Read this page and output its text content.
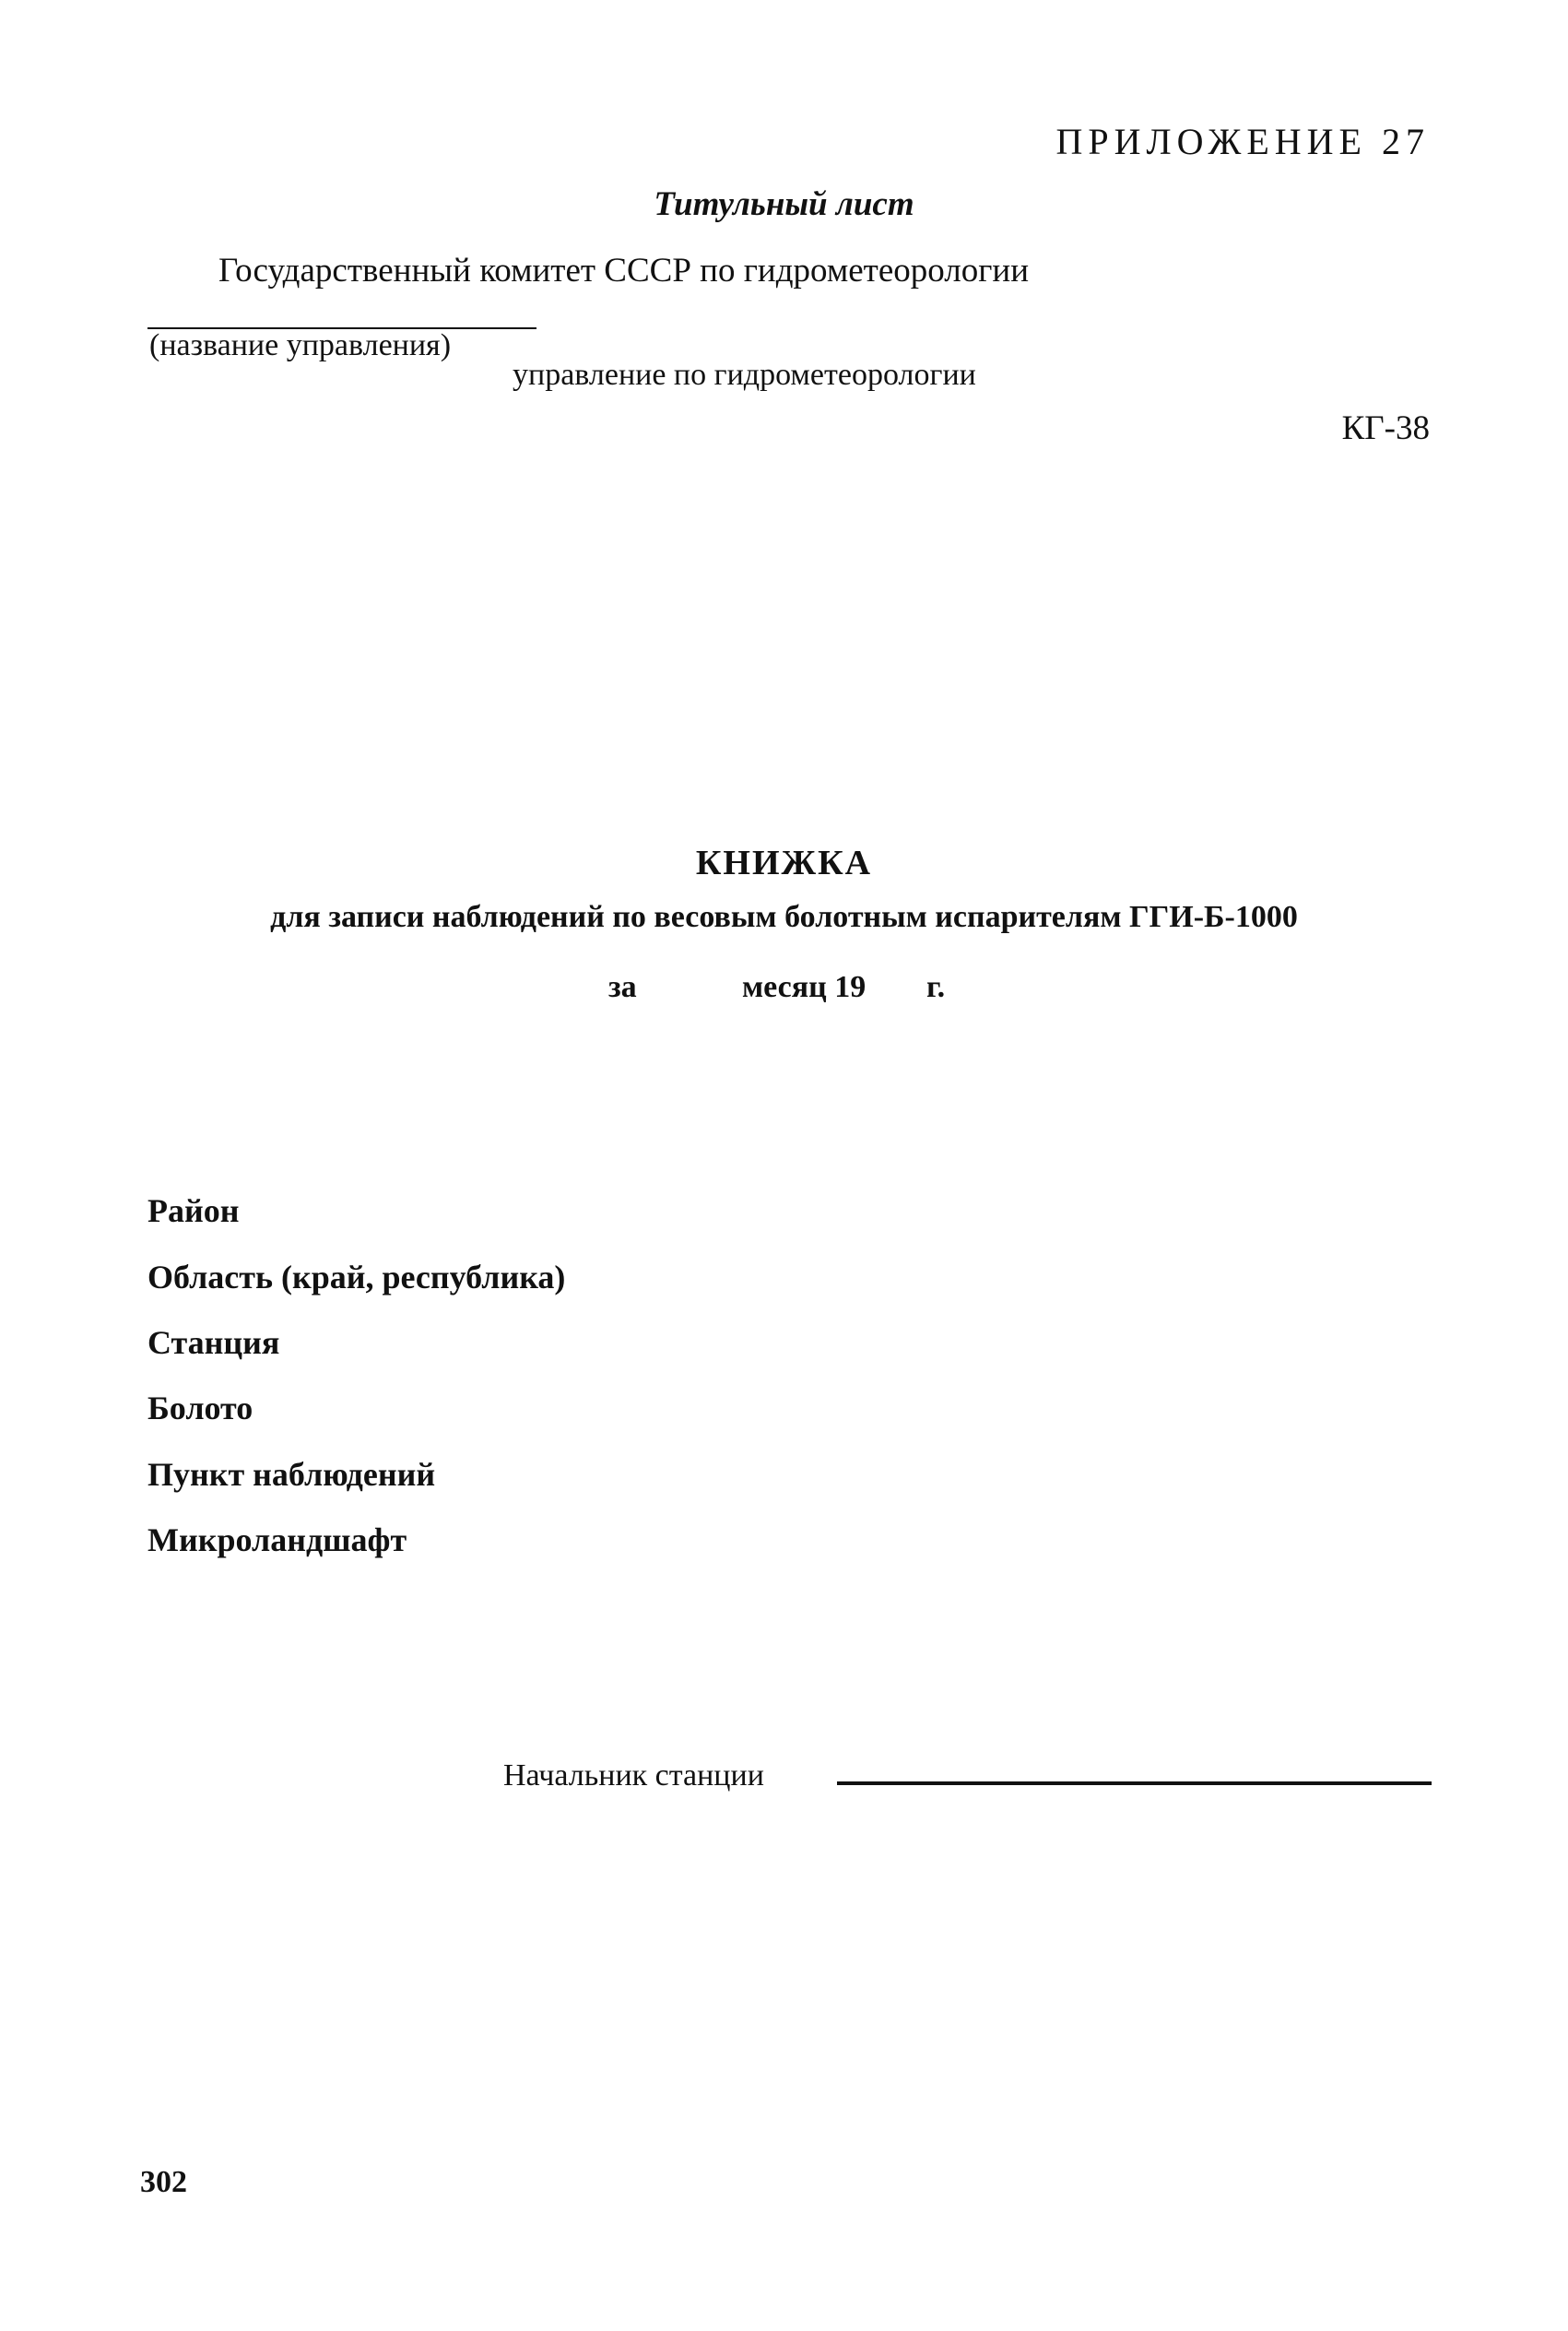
ПРИЛОЖЕНИЕ 27
Титульный лист
Государственный комитет СССР по гидрометеорологии
(название управления)
управление по гидрометеорологии
КГ-38
КНИЖКА
для записи наблюдений по весовым болотным испарителям ГГИ-Б-1000
за	месяц 19 г.
Район
Область (край, республика)
Станция
Болото
Пункт наблюдений
Микроландшафт
Начальник станции
302
